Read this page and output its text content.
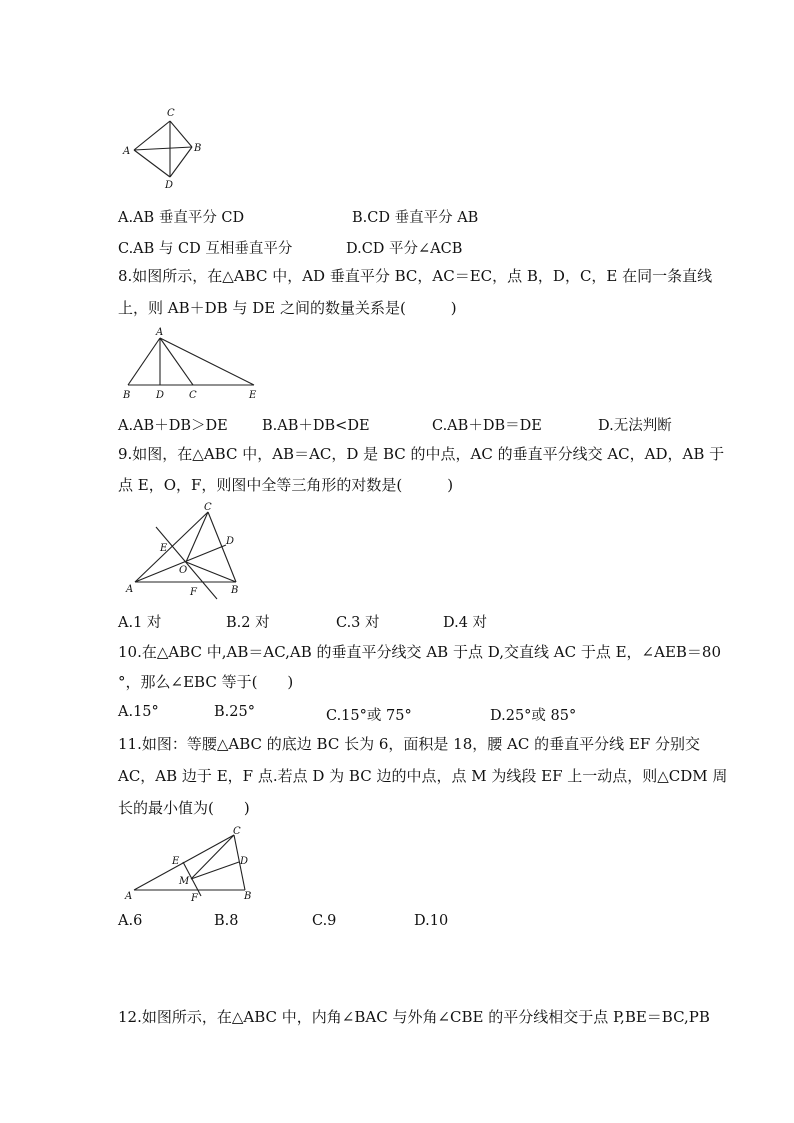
C
A	B
D
A.AB 垂直平分 CD	B.CD 垂直平分 AB
C.AB 与 CD 互相垂直平分	D.CD 平分∠ACB
8.如图所示，在△ABC 中，AD 垂直平分 BC，AC＝EC，点 B，D，C，E 在同一条直线
上，则 AB＋DB 与 DE 之间的数量关系是(　　　)
A
B	D C	E
A.AB＋DB＞DE B.AB＋DB<DE	C.AB＋DB＝DE	D.无法判断
9.如图，在△ABC 中，AB＝AC，D 是 BC 的中点，AC 的垂直平分线交 AC，AD，AB 于
点 E，O，F，则图中全等三角形的对数是(　　　)
C
D
E
O
A	F	B
A.1 对	B.2 对	C.3 对	D.4 对
10.在△ABC 中,AB＝AC,AB 的垂直平分线交 AB 于点 D,交直线 AC 于点 E，∠AEB＝80
°，那么∠EBC 等于(　　)
A.15°	B.25°	C.15°或 75°	D.25°或 85°
11.如图：等腰△ABC 的底边 BC 长为 6，面积是 18，腰 AC 的垂直平分线 EF 分别交
AC，AB 边于 E，F 点.若点 D 为 BC 边的中点，点 M 为线段 EF 上一动点，则△CDM 周
长的最小值为(　　)
C
E	D
M
A	F	B
A.6	B.8	C.9	D.10
12.如图所示，在△ABC 中，内角∠BAC 与外角∠CBE 的平分线相交于点 P,BE＝BC,PB
